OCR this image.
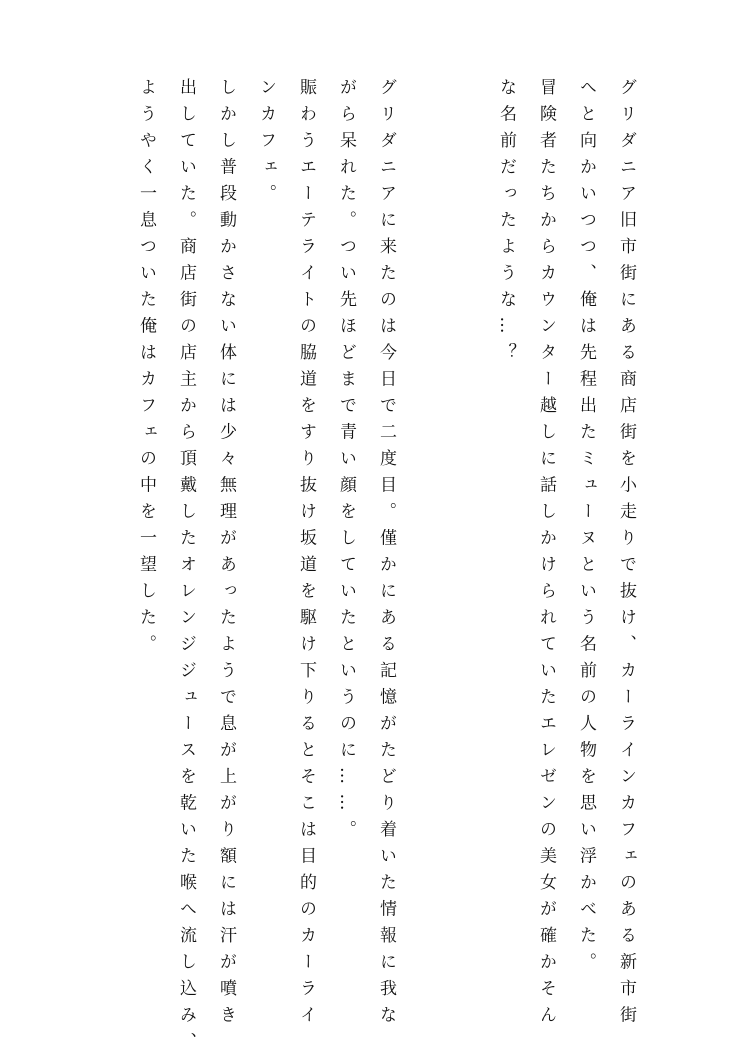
グリダニア旧市街にある商店街を小走りで抜け、カーラインカフェのある新市街
へと向かいつつ、俺は先程出たミューヌという名前の人物を思い浮かべた。
冒険者たちからカウンター越しに話しかけられていたエレゼンの美女が確かそん
な名前だったような…？
グリダニアに来たのは今日で二度目。僅かにある記憶がたどり着いた情報に我な
がら呆れた。つい先ほどまで青い顔をしていたというのに……。
賑わうエーテライトの脇道をすり抜け坂道を駆け下りるとそこは目的のカーライ
ンカフェ。
しかし普段動かさない体には少々無理があったようで息が上がり額には汗が噴き
出していた。商店街の店主から頂戴したオレンジジュースを乾いた喉へ流し込み、
ようやく一息ついた俺はカフェの中を一望した。
